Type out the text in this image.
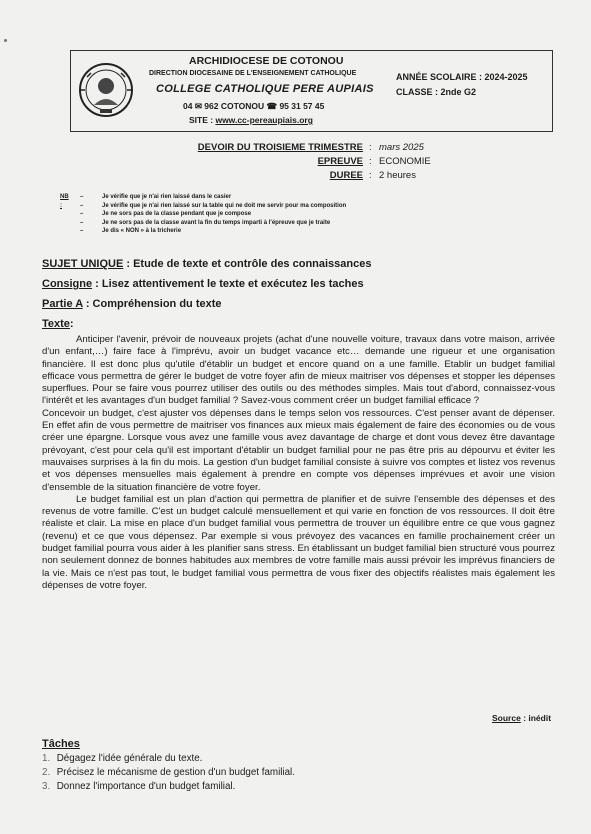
ARCHIDIOCESE DE COTONOU
DIRECTION DIOCESAINE DE L'ENSEIGNEMENT CATHOLIQUE
COLLEGE CATHOLIQUE PERE AUPIAIS
04 ✉ 962 COTONOU ☎ 95 31 57 45
SITE : www.cc-pereaupiais.org
ANNÉE SCOLAIRE : 2024-2025
CLASSE : 2nde G2
DEVOIR DU TROISIEME TRIMESTRE : mars 2025
EPREUVE : ECONOMIE
DUREE : 2 heures
NB :
– Je vérifie que je n'ai rien laissé dans le casier
– Je vérifie que je n'ai rien laissé sur la table qui ne doit me servir pour ma composition
– Je ne sors pas de la classe pendant que je compose
– Je ne sors pas de la classe avant la fin du temps imparti à l'épreuve que je traite
– Je dis « NON » à la tricherie
SUJET UNIQUE : Etude de texte et contrôle des connaissances
Consigne : Lisez attentivement le texte et exécutez les taches
Partie A : Compréhension du texte
Texte:

Anticiper l'avenir, prévoir de nouveaux projets (achat d'une nouvelle voiture, travaux dans votre maison, arrivée d'un enfant,…) faire face à l'imprévu, avoir un budget vacance etc… demande une rigueur et une organisation financière. Il est donc plus qu'utile d'établir un budget et encore quand on a une famille. Etablir un budget familial efficace vous permettra de gérer le budget de votre foyer afin de mieux maitriser vos dépenses et stopper les dépenses superflues. Pour se faire vous pourrez utiliser des outils ou des méthodes simples. Mais tout d'abord, connaissez-vous l'intérêt et les avantages d'un budget familial ? Savez-vous comment créer un budget familial efficace ?

Concevoir un budget, c'est ajuster vos dépenses dans le temps selon vos ressources. C'est penser avant de dépenser. En effet afin de vous permettre de maitriser vos finances aux mieux mais également de faire des économies ou de vous créer une épargne. Lorsque vous avez une famille vous avez davantage de charge et dont vous devez être davantage prévoyant, c'est pour cela qu'il est important d'établir un budget familial pour ne pas être pris au dépourvu et éviter les mauvaises surprises à la fin du mois. La gestion d'un budget familial consiste à suivre vos comptes et listez vos revenus et vos dépenses mensuelles mais également à prendre en compte vos dépenses imprévues et avoir une vision d'ensemble de la situation financière de votre foyer.

Le budget familial est un plan d'action qui permettra de planifier et de suivre l'ensemble des dépenses et des revenus de votre famille. C'est un budget calculé mensuellement et qui varie en fonction de vos ressources. Il doit être réaliste et clair. La mise en place d'un budget familial vous permettra de trouver un équilibre entre ce que vous gagnez (revenu) et ce que vous dépensez. Par exemple si vous prévoyez des vacances en famille prochainement créer un budget familial pourra vous aider à les planifier sans stress. En établissant un budget familial bien structuré vous pourrez non seulement donnez de bonnes habitudes aux membres de votre famille mais aussi prévoir les imprévus financiers de la vie. Mais ce n'est pas tout, le budget familial vous permettra de vous fixer des objectifs réalistes mais également les dépenses de votre foyer.

Source : inédit
Tâches
1. Dégagez l'idée générale du texte.
2. Précisez le mécanisme de gestion d'un budget familial.
3. Donnez l'importance d'un budget familial.
